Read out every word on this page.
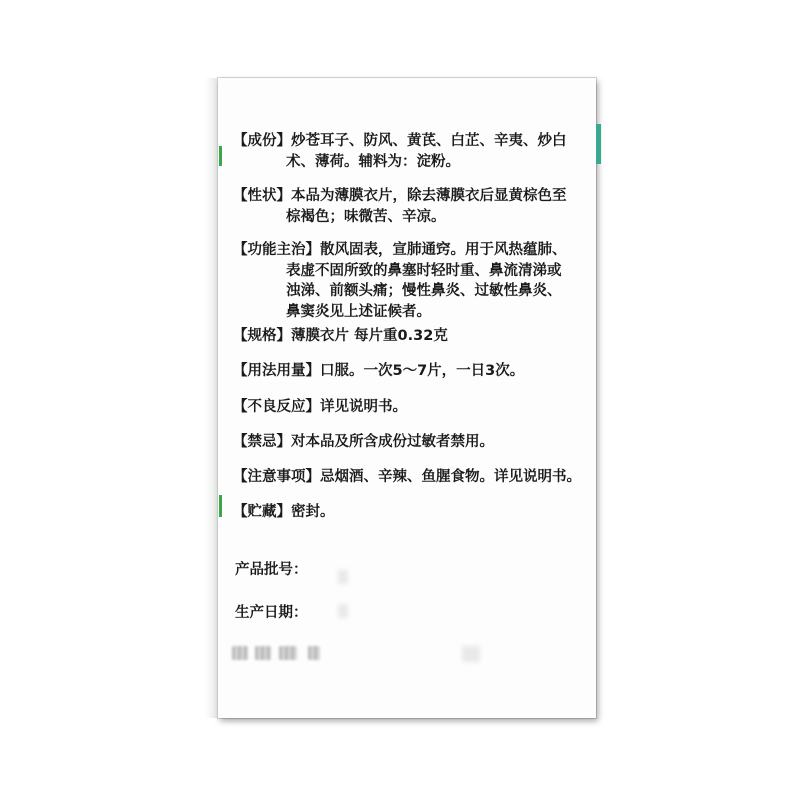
【成份】炒苍耳子、防风、黄芪、白芷、辛夷、炒白
术、薄荷。辅料为：淀粉。
【性状】本品为薄膜衣片，除去薄膜衣后显黄棕色至
棕褐色；味微苦、辛凉。
【功能主治】散风固表，宣肺通窍。用于风热蕴肺、
表虚不固所致的鼻塞时轻时重、鼻流清涕或
浊涕、前额头痛；慢性鼻炎、过敏性鼻炎、
鼻窦炎见上述证候者。
【规格】薄膜衣片 每片重0.32克
【用法用量】口服。一次5～7片，一日3次。
【不良反应】详见说明书。
【禁忌】对本品及所含成份过敏者禁用。
【注意事项】忌烟酒、辛辣、鱼腥食物。详见说明书。
【贮藏】密封。
产品批号：
生产日期：
